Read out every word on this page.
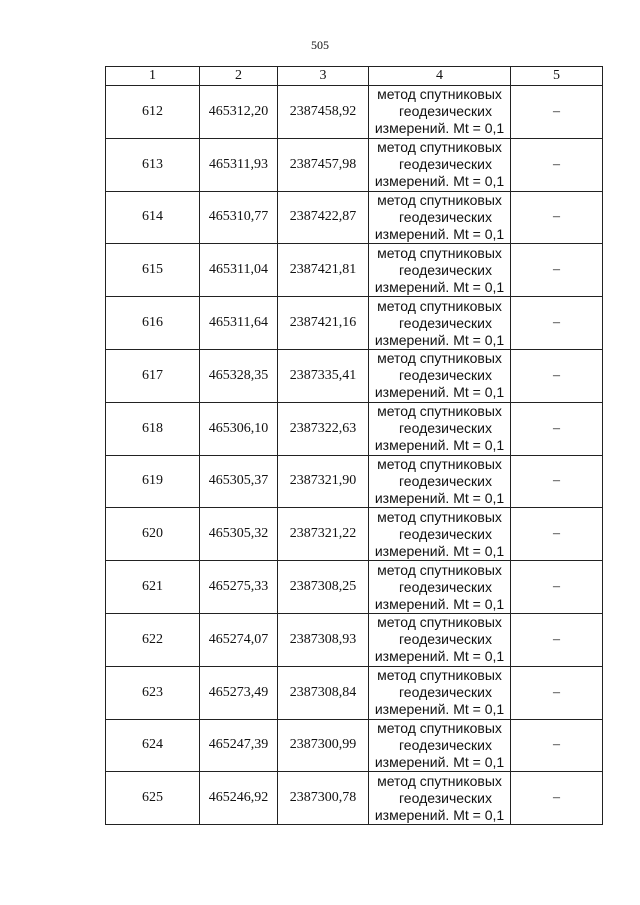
505
1	2	3	4	5
612	465312,20	2387458,92	метод спутниковых
геодезических
измерений. Mt = 0,1	–
613	465311,93	2387457,98	метод спутниковых
геодезических
измерений. Mt = 0,1	–
614	465310,77	2387422,87	метод спутниковых
геодезических
измерений. Mt = 0,1	–
615	465311,04	2387421,81	метод спутниковых
геодезических
измерений. Mt = 0,1	–
616	465311,64	2387421,16	метод спутниковых
геодезических
измерений. Mt = 0,1	–
617	465328,35	2387335,41	метод спутниковых
геодезических
измерений. Mt = 0,1	–
618	465306,10	2387322,63	метод спутниковых
геодезических
измерений. Mt = 0,1	–
619	465305,37	2387321,90	метод спутниковых
геодезических
измерений. Mt = 0,1	–
620	465305,32	2387321,22	метод спутниковых
геодезических
измерений. Mt = 0,1	–
621	465275,33	2387308,25	метод спутниковых
геодезических
измерений. Mt = 0,1	–
622	465274,07	2387308,93	метод спутниковых
геодезических
измерений. Mt = 0,1	–
623	465273,49	2387308,84	метод спутниковых
геодезических
измерений. Mt = 0,1	–
624	465247,39	2387300,99	метод спутниковых
геодезических
измерений. Mt = 0,1	–
625	465246,92	2387300,78	метод спутниковых
геодезических
измерений. Mt = 0,1	–
